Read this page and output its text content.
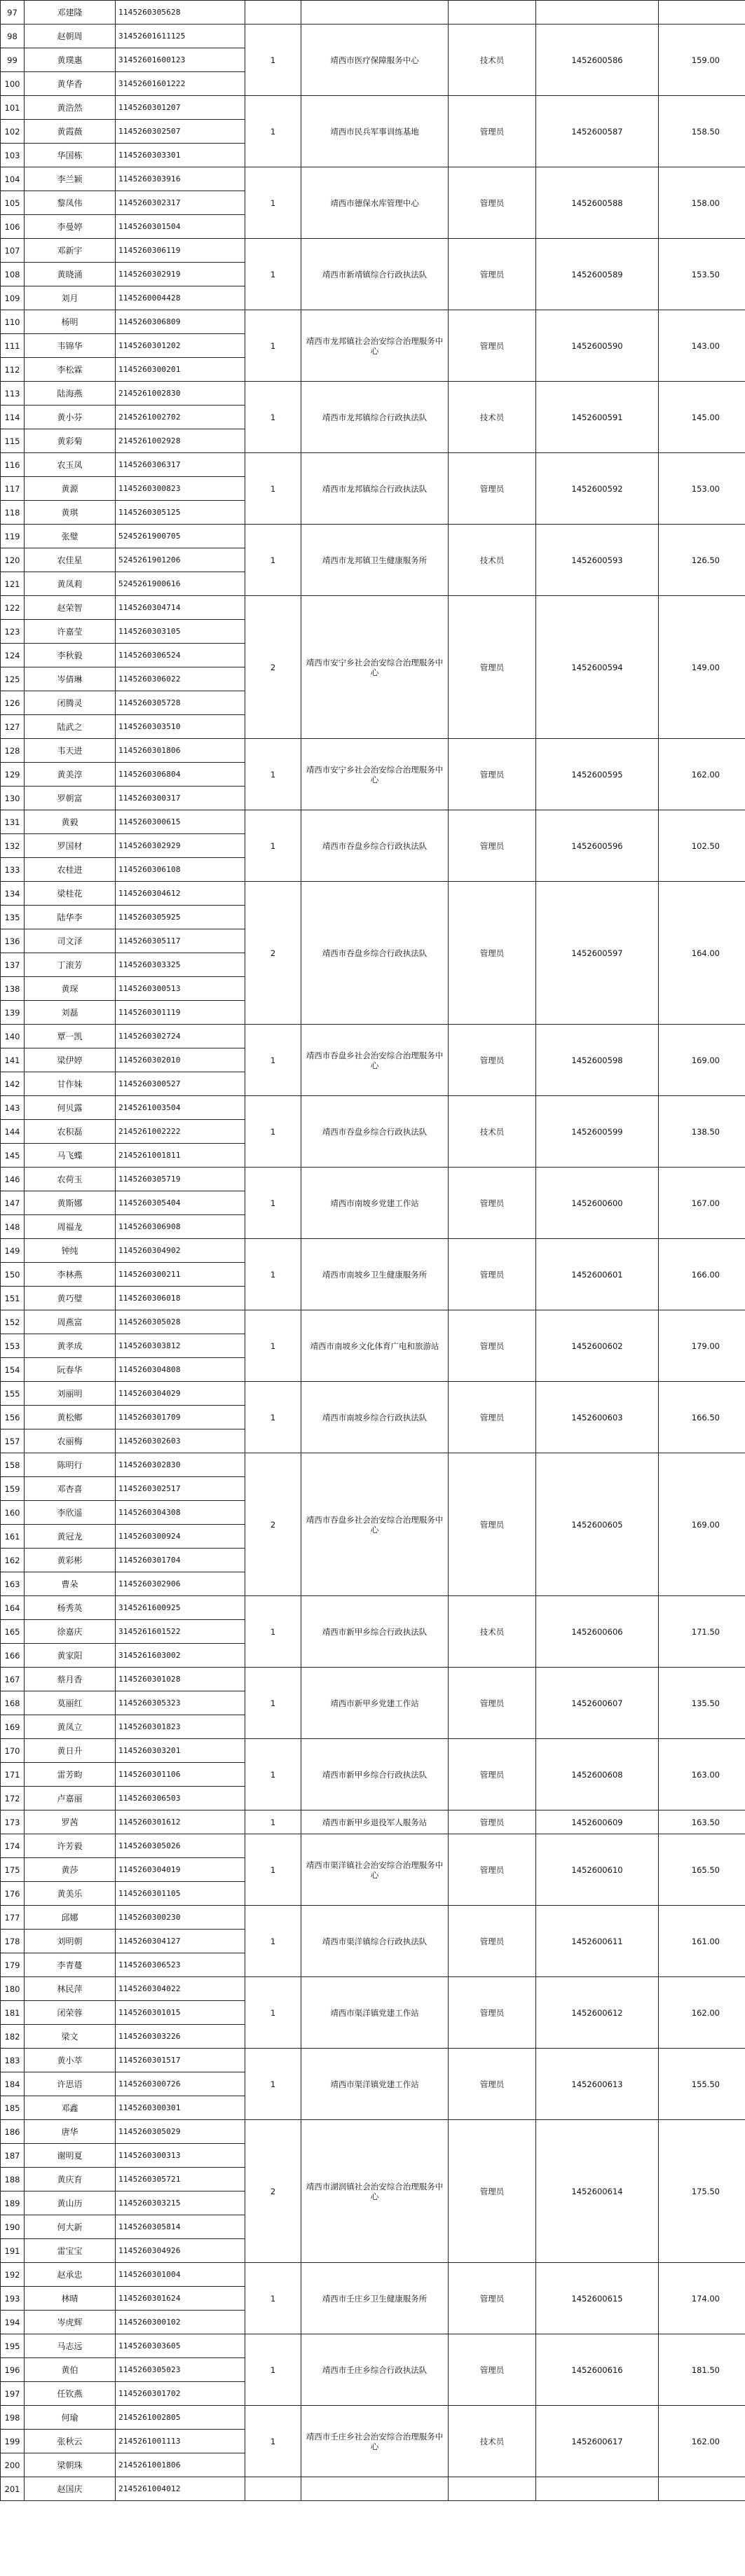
97	邓建隆	1145260305628					
98	赵朝周	31452601611125	1	靖西市医疗保障服务中心	技术员	1452600586	159.00
99	黄璞惠	31452601600123					
100	黄华香	31452601601222					
101	黄浩然	1145260301207	1	靖西市民兵军事训练基地	管理员	1452600587	158.50
102	黄霞薇	1145260302507					
103	华国栋	1145260303301					
104	李兰颖	1145260303916	1	靖西市德保水库管理中心	管理员	1452600588	158.00
105	黎凤伟	1145260302317					
106	李曼婷	1145260301504					
107	邓新宇	1145260306119	1	靖西市新靖镇综合行政执法队	管理员	1452600589	153.50
108	黄晓涌	1145260302919					
109	刘月	1145260004428					
110	杨明	1145260306809	1	靖西市龙邦镇社会治安综合治理服务中心	管理员	1452600590	143.00
111	韦锦华	1145260301202					
112	李松霖	1145260300201					
113	陆海燕	2145261002830	1	靖西市龙邦镇综合行政执法队	技术员	1452600591	145.00
114	黄小芬	2145261002702					
115	黄彩菊	2145261002928					
116	农玉凤	1145260306317	1	靖西市龙邦镇综合行政执法队	管理员	1452600592	153.00
117	黄源	1145260300823					
118	黄琪	1145260305125					
119	张璧	5245261900705	1	靖西市龙邦镇卫生健康服务所	技术员	1452600593	126.50
120	农佳星	5245261901206					
121	黄凤莉	5245261900616					
122	赵荣智	1145260304714	2	靖西市安宁乡社会治安综合治理服务中心	管理员	1452600594	149.00
123	许嘉莹	1145260303105					
124	李秋毅	1145260306524					
125	岑倩琳	1145260306022					
126	闭腾灵	1145260305728					
127	陆武之	1145260303510					
128	韦天进	1145260301806	1	靖西市安宁乡社会治安综合治理服务中心	管理员	1452600595	162.00
129	黄美淳	1145260306804					
130	罗朝富	1145260300317					
131	黄毅	1145260300615	1	靖西市吞盘乡综合行政执法队	管理员	1452600596	102.50
132	罗国材	1145260302929					
133	农桂进	1145260306108					
134	梁桂花	1145260304612	2	靖西市吞盘乡综合行政执法队	管理员	1452600597	164.00
135	陆华李	1145260305925					
136	司文泽	1145260305117					
137	丁滚芳	1145260303325					
138	黄琛	1145260300513					
139	刘磊	1145260301119					
140	覃一凯	1145260302724	1	靖西市吞盘乡社会治安综合治理服务中心	管理员	1452600598	169.00
141	梁伊婷	1145260302010					
142	甘作妹	1145260300527					
143	何贝露	2145261003504	1	靖西市吞盘乡综合行政执法队	技术员	1452600599	138.50
144	农积磊	2145261002222					
145	马飞蝶	2145261001811					
146	农荷玉	1145260305719	1	靖西市南坡乡党建工作站	管理员	1452600600	167.00
147	黄斯娜	1145260305404					
148	周福龙	1145260306908					
149	钟纯	1145260304902	1	靖西市南坡乡卫生健康服务所	管理员	1452600601	166.00
150	李林燕	1145260300211					
151	黄巧璧	1145260306018					
152	周燕富	1145260305028	1	靖西市南坡乡文化体育广电和旅游站	管理员	1452600602	179.00
153	黄孝成	1145260303812					
154	阮春华	1145260304808					
155	刘丽明	1145260304029	1	靖西市南坡乡综合行政执法队	管理员	1452600603	166.50
156	黄松鄉	1145260301709					
157	农丽梅	1145260302603					
158	陈明行	1145260302830	2	靖西市吞盘乡社会治安综合治理服务中心	管理员	1452600605	169.00
159	邓杏喜	1145260302517					
160	李欣遥	1145260304308					
161	黄冠龙	1145260300924					
162	黄彩彬	1145260301704					
163	曹朵	1145260302906					
164	杨秀英	3145261600925	1	靖西市新甲乡综合行政执法队	技术员	1452600606	171.50
165	徐嘉庆	3145261601522					
166	黄家阳	3145261603002					
167	蔡月香	1145260301028	1	靖西市新甲乡党建工作站	管理员	1452600607	135.50
168	莫丽红	1145260305323					
169	黄凤立	1145260301823					
170	黄日升	1145260303201	1	靖西市新甲乡综合行政执法队	管理员	1452600608	163.00
171	雷芳畇	1145260301106					
172	卢嘉丽	1145260306503					
173	罗茜	1145260301612	1	靖西市新甲乡退役军人服务站	管理员	1452600609	163.50
174	许芳毅	1145260305026	1	靖西市渠洋镇社会治安综合治理服务中心	管理员	1452600610	165.50
175	黄莎	1145260304019					
176	黄美乐	1145260301105					
177	邱娜	1145260300230	1	靖西市渠洋镇综合行政执法队	管理员	1452600611	161.00
178	刘明朝	1145260304127					
179	李青蔓	1145260306523					
180	林民萍	1145260304022	1	靖西市渠洋镇党建工作站	管理员	1452600612	162.00
181	闭荣蓉	1145260301015					
182	梁文	1145260303226					
183	黄小萃	1145260301517	1	靖西市渠洋镇党建工作站	管理员	1452600613	155.50
184	许思语	1145260300726					
185	邓鑫	1145260300301					
186	唐华	1145260305029	2	靖西市湖润镇社会治安综合治理服务中心	管理员	1452600614	175.50
187	谢明夏	1145260300313					
188	黄庆育	1145260305721					
189	黄山历	1145260303215					
190	何大新	1145260305814					
191	雷宝宝	1145260304926					
192	赵承忠	1145260301004	1	靖西市壬庄乡卫生健康服务所	管理员	1452600615	174.00
193	林晴	1145260301624					
194	岑虎辉	1145260300102					
195	马志远	1145260303605	1	靖西市壬庄乡综合行政执法队	管理员	1452600616	181.50
196	黄伯	1145260305023					
197	任钦燕	1145260301702					
198	何瑜	2145261002805	1	靖西市壬庄乡社会治安综合治理服务中心	技术员	1452600617	162.00
199	张秋云	2145261001113					
200	梁朝珠	2145261001806					
201	赵国庆	2145261004012					
